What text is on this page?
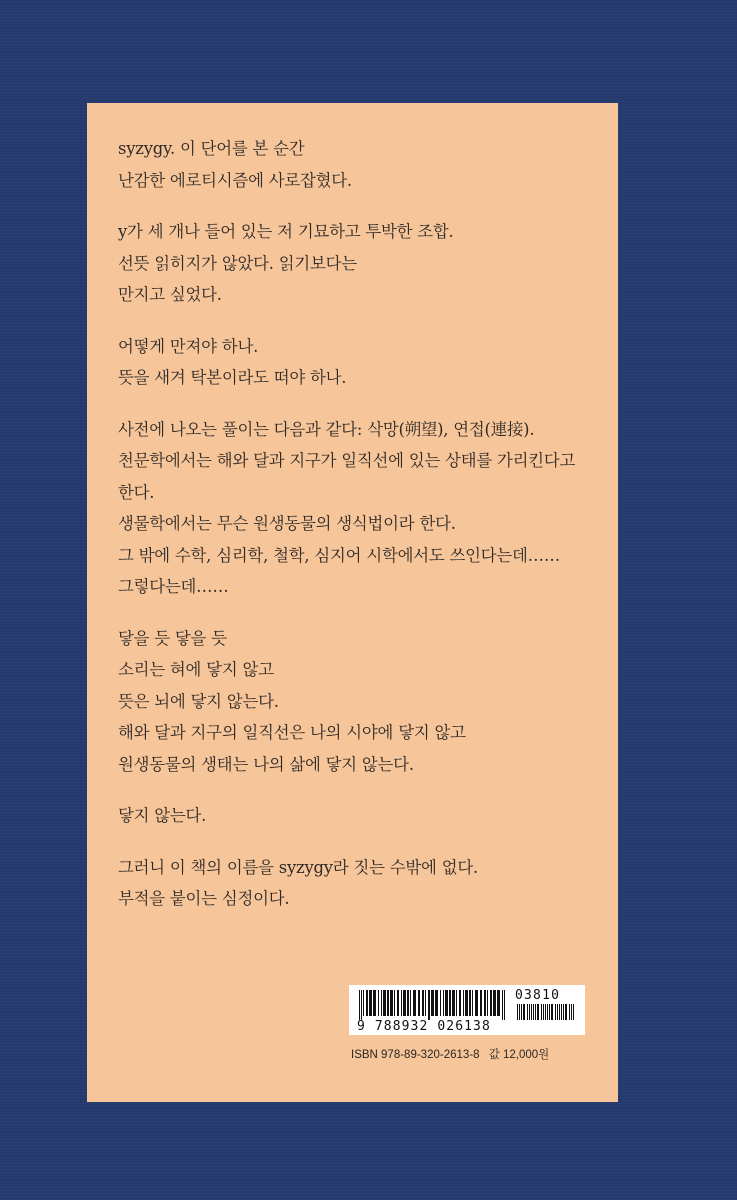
syzygy. 이 단어를 본 순간
난감한 에로티시즘에 사로잡혔다.
y가 세 개나 들어 있는 저 기묘하고 투박한 조합.
선뜻 읽히지가 않았다. 읽기보다는
만지고 싶었다.
어떻게 만져야 하나.
뜻을 새겨 탁본이라도 떠야 하나.
사전에 나오는 풀이는 다음과 같다: 삭망(朔望), 연접(連接).
천문학에서는 해와 달과 지구가 일직선에 있는 상태를 가리킨다고
한다.
생물학에서는 무슨 원생동물의 생식법이라 한다.
그 밖에 수학, 심리학, 철학, 심지어 시학에서도 쓰인다는데……
그렇다는데……
닿을 듯 닿을 듯
소리는 혀에 닿지 않고
뜻은 뇌에 닿지 않는다.
해와 달과 지구의 일직선은 나의 시야에 닿지 않고
원생동물의 생태는 나의 삶에 닿지 않는다.
닿지 않는다.
그러니 이 책의 이름을 syzygy라 짓는 수밖에 없다.
부적을 붙이는 심정이다.
9 788932 026138
03810
ISBN 978-89-320-2613-8 값 12,000원
